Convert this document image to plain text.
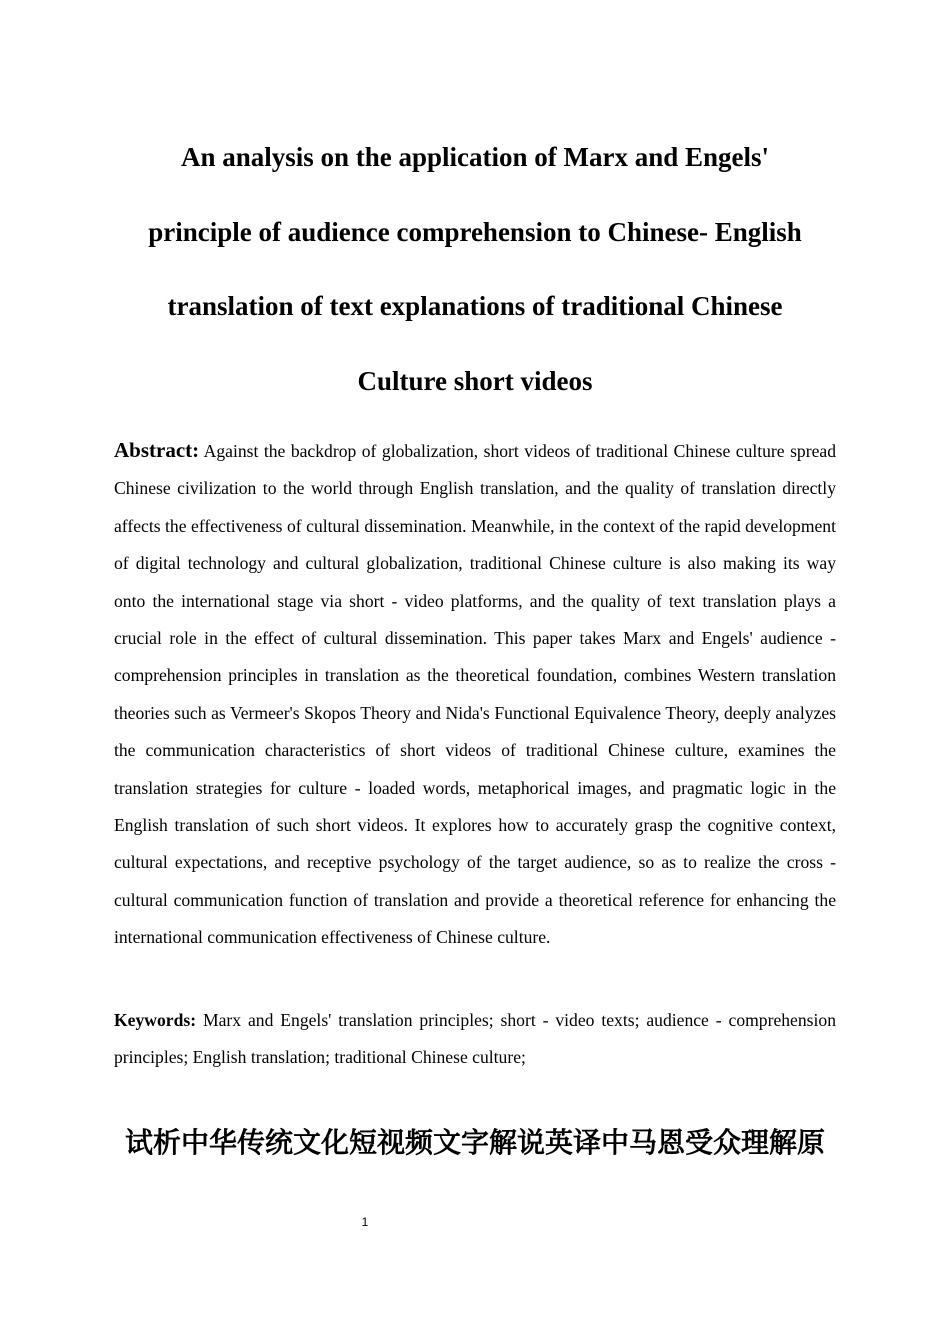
An analysis on the application of Marx and Engels'
principle of audience comprehension to Chinese- English
translation of text explanations of traditional Chinese
Culture short videos

Abstract: Against the backdrop of globalization, short videos of traditional Chinese culture spread Chinese civilization to the world through English translation, and the quality of translation directly affects the effectiveness of cultural dissemination. Meanwhile, in the context of the rapid development of digital technology and cultural globalization, traditional Chinese culture is also making its way onto the international stage via short - video platforms, and the quality of text translation plays a crucial role in the effect of cultural dissemination. This paper takes Marx and Engels' audience - comprehension principles in translation as the theoretical foundation, combines Western translation theories such as Vermeer's Skopos Theory and Nida's Functional Equivalence Theory, deeply analyzes the communication characteristics of short videos of traditional Chinese culture, examines the translation strategies for culture - loaded words, metaphorical images, and pragmatic logic in the English translation of such short videos. It explores how to accurately grasp the cognitive context, cultural expectations, and receptive psychology of the target audience, so as to realize the cross - cultural communication function of translation and provide a theoretical reference for enhancing the international communication effectiveness of Chinese culture.

Keywords: Marx and Engels' translation principles; short - video texts; audience - comprehension principles; English translation; traditional Chinese culture;

试析中华传统文化短视频文字解说英译中马恩受众理解原
1
